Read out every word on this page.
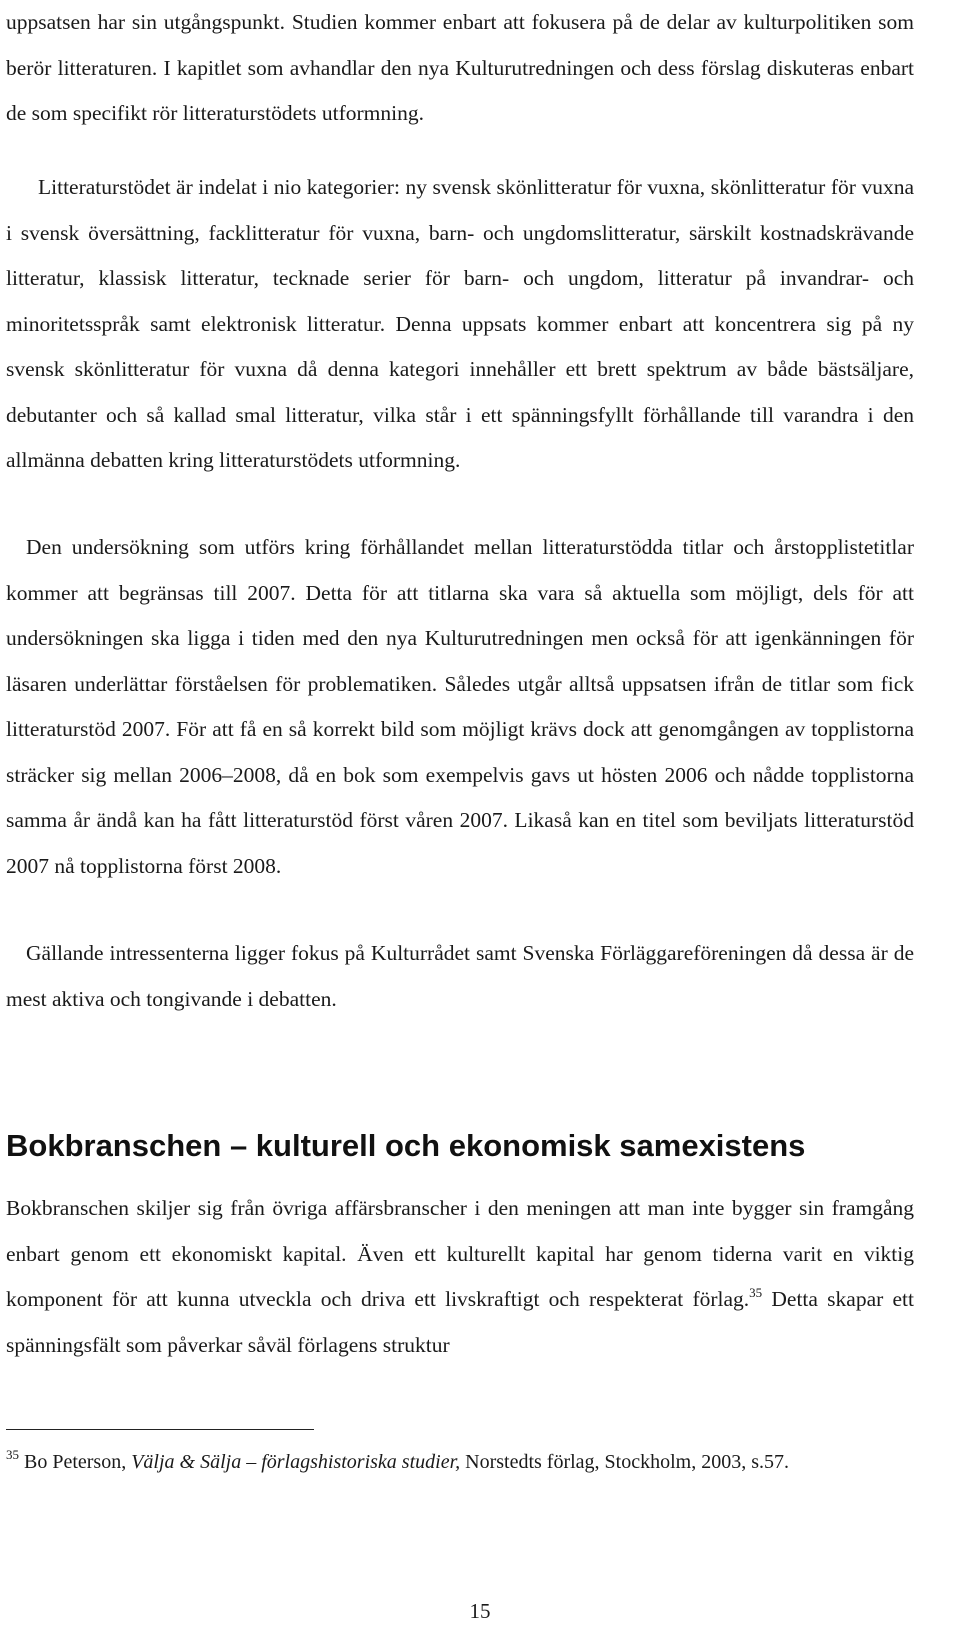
uppsatsen har sin utgångspunkt. Studien kommer enbart att fokusera på de delar av kulturpolitiken som berör litteraturen. I kapitlet som avhandlar den nya Kulturutredningen och dess förslag diskuteras enbart de som specifikt rör litteraturstödets utformning.

Litteraturstödet är indelat i nio kategorier: ny svensk skönlitteratur för vuxna, skönlitteratur för vuxna i svensk översättning, facklitteratur för vuxna, barn- och ungdomslitteratur, särskilt kostnadskrävande litteratur, klassisk litteratur, tecknade serier för barn- och ungdom, litteratur på invandrar- och minoritetsspråk samt elektronisk litteratur. Denna uppsats kommer enbart att koncentrera sig på ny svensk skönlitteratur för vuxna då denna kategori innehåller ett brett spektrum av både bästsäljare, debutanter och så kallad smal litteratur, vilka står i ett spänningsfyllt förhållande till varandra i den allmänna debatten kring litteraturstödets utformning.

Den undersökning som utförs kring förhållandet mellan litteraturstödda titlar och årstopplistetitlar kommer att begränsas till 2007. Detta för att titlarna ska vara så aktuella som möjligt, dels för att undersökningen ska ligga i tiden med den nya Kulturutredningen men också för att igenkänningen för läsaren underlättar förståelsen för problematiken. Således utgår alltså uppsatsen ifrån de titlar som fick litteraturstöd 2007. För att få en så korrekt bild som möjligt krävs dock att genomgången av topplistorna sträcker sig mellan 2006–2008, då en bok som exempelvis gavs ut hösten 2006 och nådde topplistorna samma år ändå kan ha fått litteraturstöd först våren 2007. Likaså kan en titel som beviljats litteraturstöd 2007 nå topplistorna först 2008.

Gällande intressenterna ligger fokus på Kulturrådet samt Svenska Förläggareföreningen då dessa är de mest aktiva och tongivande i debatten.

Bokbranschen – kulturell och ekonomisk samexistens

Bokbranschen skiljer sig från övriga affärsbranscher i den meningen att man inte bygger sin framgång enbart genom ett ekonomiskt kapital. Även ett kulturellt kapital har genom tiderna varit en viktig komponent för att kunna utveckla och driva ett livskraftigt och respekterat förlag.$^{35}$ Detta skapar ett spänningsfält som påverkar såväl förlagens struktur

$^{35}$ Bo Peterson, Välja & Sälja – förlagshistoriska studier, Norstedts förlag, Stockholm, 2003, s.57.

15
